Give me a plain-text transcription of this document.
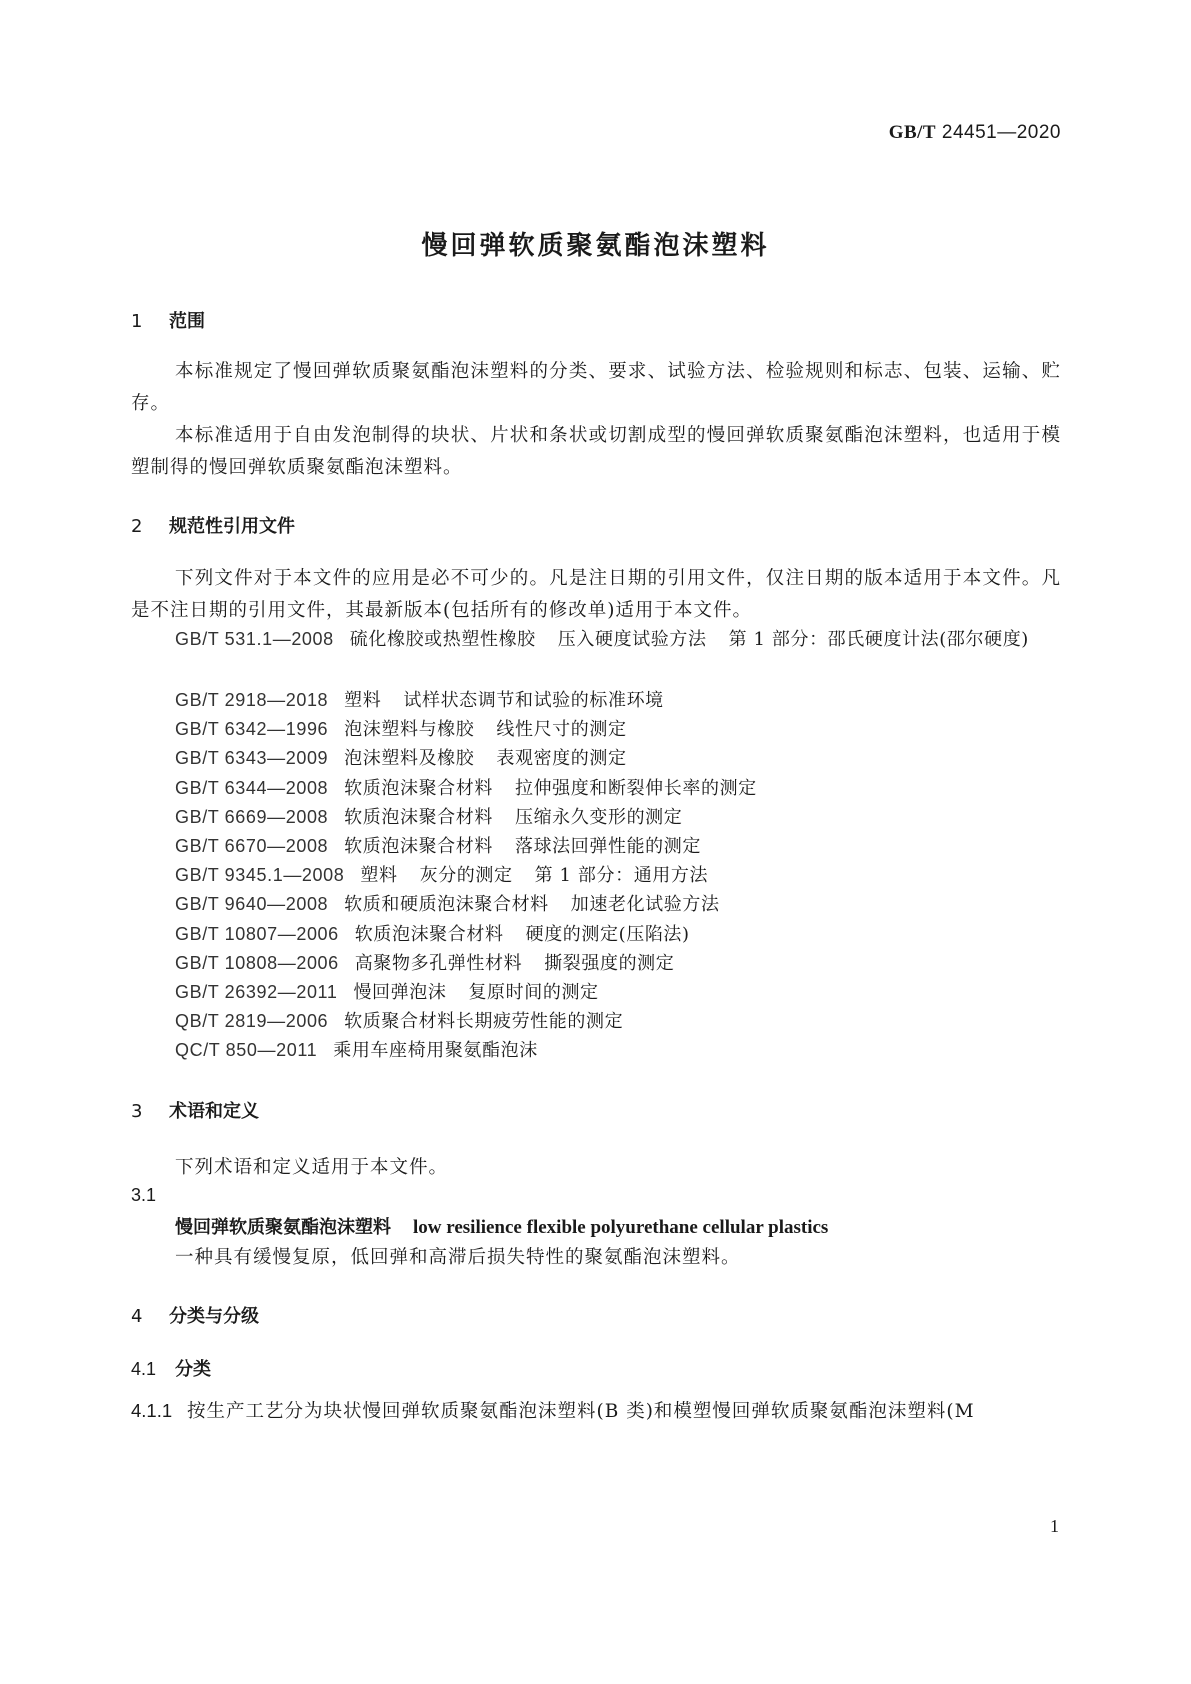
GB/T 24451—2020
慢回弹软质聚氨酯泡沫塑料
1 范围
本标准规定了慢回弹软质聚氨酯泡沫塑料的分类、要求、试验方法、检验规则和标志、包装、运输、贮存。
本标准适用于自由发泡制得的块状、片状和条状或切割成型的慢回弹软质聚氨酯泡沫塑料，也适用于模塑制得的慢回弹软质聚氨酯泡沫塑料。
2 规范性引用文件
下列文件对于本文件的应用是必不可少的。凡是注日期的引用文件，仅注日期的版本适用于本文件。凡是不注日期的引用文件，其最新版本(包括所有的修改单)适用于本文件。
GB/T 531.1—2008 硫化橡胶或热塑性橡胶 压入硬度试验方法 第 1 部分：邵氏硬度计法(邵尔硬度)
GB/T 2918—2018 塑料 试样状态调节和试验的标准环境
GB/T 6342—1996 泡沫塑料与橡胶 线性尺寸的测定
GB/T 6343—2009 泡沫塑料及橡胶 表观密度的测定
GB/T 6344—2008 软质泡沫聚合材料 拉伸强度和断裂伸长率的测定
GB/T 6669—2008 软质泡沫聚合材料 压缩永久变形的测定
GB/T 6670—2008 软质泡沫聚合材料 落球法回弹性能的测定
GB/T 9345.1—2008 塑料 灰分的测定 第 1 部分：通用方法
GB/T 9640—2008 软质和硬质泡沫聚合材料 加速老化试验方法
GB/T 10807—2006 软质泡沫聚合材料 硬度的测定(压陷法)
GB/T 10808—2006 高聚物多孔弹性材料 撕裂强度的测定
GB/T 26392—2011 慢回弹泡沫 复原时间的测定
QB/T 2819—2006 软质聚合材料长期疲劳性能的测定
QC/T 850—2011 乘用车座椅用聚氨酯泡沫
3 术语和定义
下列术语和定义适用于本文件。
3.1
慢回弹软质聚氨酯泡沫塑料 low resilience flexible polyurethane cellular plastics
一种具有缓慢复原，低回弹和高滞后损失特性的聚氨酯泡沫塑料。
4 分类与分级
4.1 分类
4.1.1 按生产工艺分为块状慢回弹软质聚氨酯泡沫塑料(B 类)和模塑慢回弹软质聚氨酯泡沫塑料(M
1
